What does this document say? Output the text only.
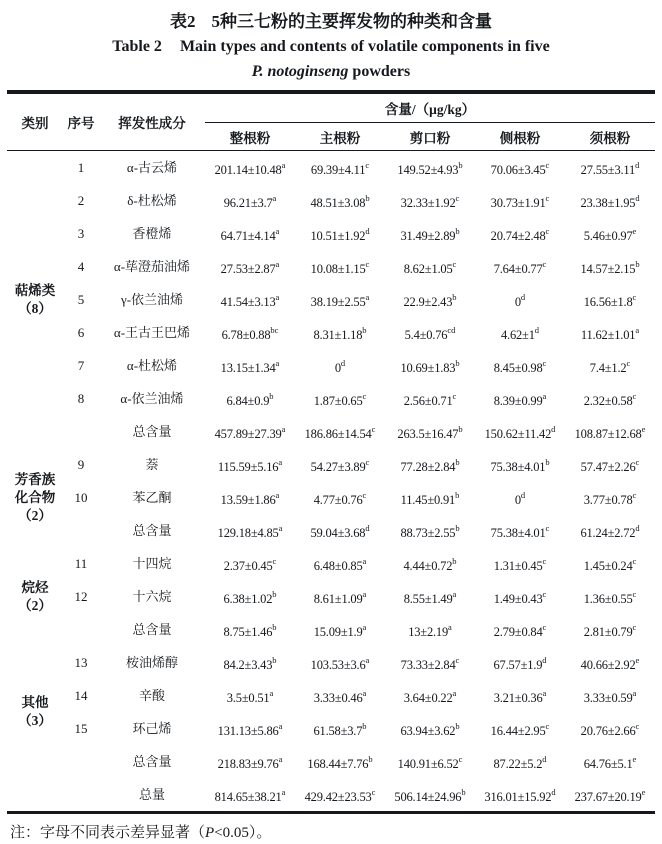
表2 5种三七粉的主要挥发物的种类和含量
Table 2 Main types and contents of volatile components in five
P. notoginseng powders
类别	序号	挥发性成分	含量/（μg/kg）				
			整根粉	主根粉	剪口粉	侧根粉	须根粉

萜烯类
（8）	1	α-古云烯	201.14±10.48$^a$	69.39±4.11$^c$	149.52±4.93$^b$	70.06±3.45$^c$	27.55±3.11$^d$
	2	δ-杜松烯	96.21±3.7$^a$	48.51±3.08$^b$	32.33±1.92$^c$	30.73±1.91$^c$	23.38±1.95$^d$
	3	香橙烯	64.71±4.14$^a$	10.51±1.92$^d$	31.49±2.89$^b$	20.74±2.48$^c$	5.46±0.97$^e$
	4	α-荜澄茄油烯	27.53±2.87$^a$	10.08±1.15$^c$	8.62±1.05$^c$	7.64±0.77$^c$	14.57±2.15$^b$
	5	γ-依兰油烯	41.54±3.13$^a$	38.19±2.55$^a$	22.9±2.43$^b$	0$^d$	16.56±1.8$^c$
	6	α-王古王巴烯	6.78±0.88$^{bc}$	8.31±1.18$^b$	5.4±0.76$^{cd}$	$4.62\pm 1^d$	11.62±1.01$^a$
	7	α-杜松烯	13.15±1.34$^a$	0$^d$	10.69±1.83$^b$	8.45±0.98$^c$	7.4±1.2$^c$
	8	α-依兰油烯	6.84±0.9$^b$	1.87±0.65$^c$	2.56±0.71$^c$	8.39±0.99$^a$	2.32±0.58$^c$
		总含量	457.89±27.39$^a$	186.86±14.54$^c$	263.5±16.47$^b$	150.62±11.42$^d$	108.87±12.68$^e$

芳香族
化合物
（2）	9	萘	115.59±5.16$^a$	54.27±3.89$^c$	77.28±2.84$^b$	75.38±4.01$^b$	57.47±2.26$^c$
	10	苯乙酮	13.59±1.86$^a$	4.77±0.76$^c$	11.45±0.91$^b$	0$^d$	3.77±0.78$^c$
		总含量	129.18±4.85$^a$	59.04±3.68$^d$	88.73±2.55$^b$	75.38±4.01$^c$	61.24±2.72$^d$

烷烃
（2）	11	十四烷	2.37±0.45$^c$	6.48±0.85$^a$	4.44±0.72$^b$	1.31±0.45$^c$	1.45±0.24$^c$
	12	十六烷	6.38±1.02$^b$	8.61±1.09$^a$	8.55±1.49$^a$	1.49±0.43$^c$	1.36±0.55$^c$
		总含量	8.75±1.46$^b$	15.09±1.9$^a$	13±2.19$^a$	2.79±0.84$^c$	2.81±0.79$^c$

其他
（3）	13	桉油烯醇	84.2±3.43$^b$	103.53±3.6$^a$	73.33±2.84$^c$	67.57±1.9$^d$	40.66±2.92$^e$
	14	辛酸	3.5±0.51$^a$	3.33±0.46$^a$	3.64±0.22$^a$	3.21±0.36$^a$	3.33±0.59$^a$
	15	环己烯	131.13±5.86$^a$	61.58±3.7$^b$	63.94±3.62$^b$	16.44±2.95$^c$	20.76±2.66$^c$
		总含量	218.83±9.76$^a$	168.44±7.76$^b$	140.91±6.52$^c$	87.22±5.2$^d$	64.76±5.1$^e$
		总量	814.65±38.21$^a$	429.42±23.53$^c$	506.14±24.96$^b$	316.01±15.92$^d$	237.67±20.19$^e$
注：字母不同表示差异显著（P<0.05）。
